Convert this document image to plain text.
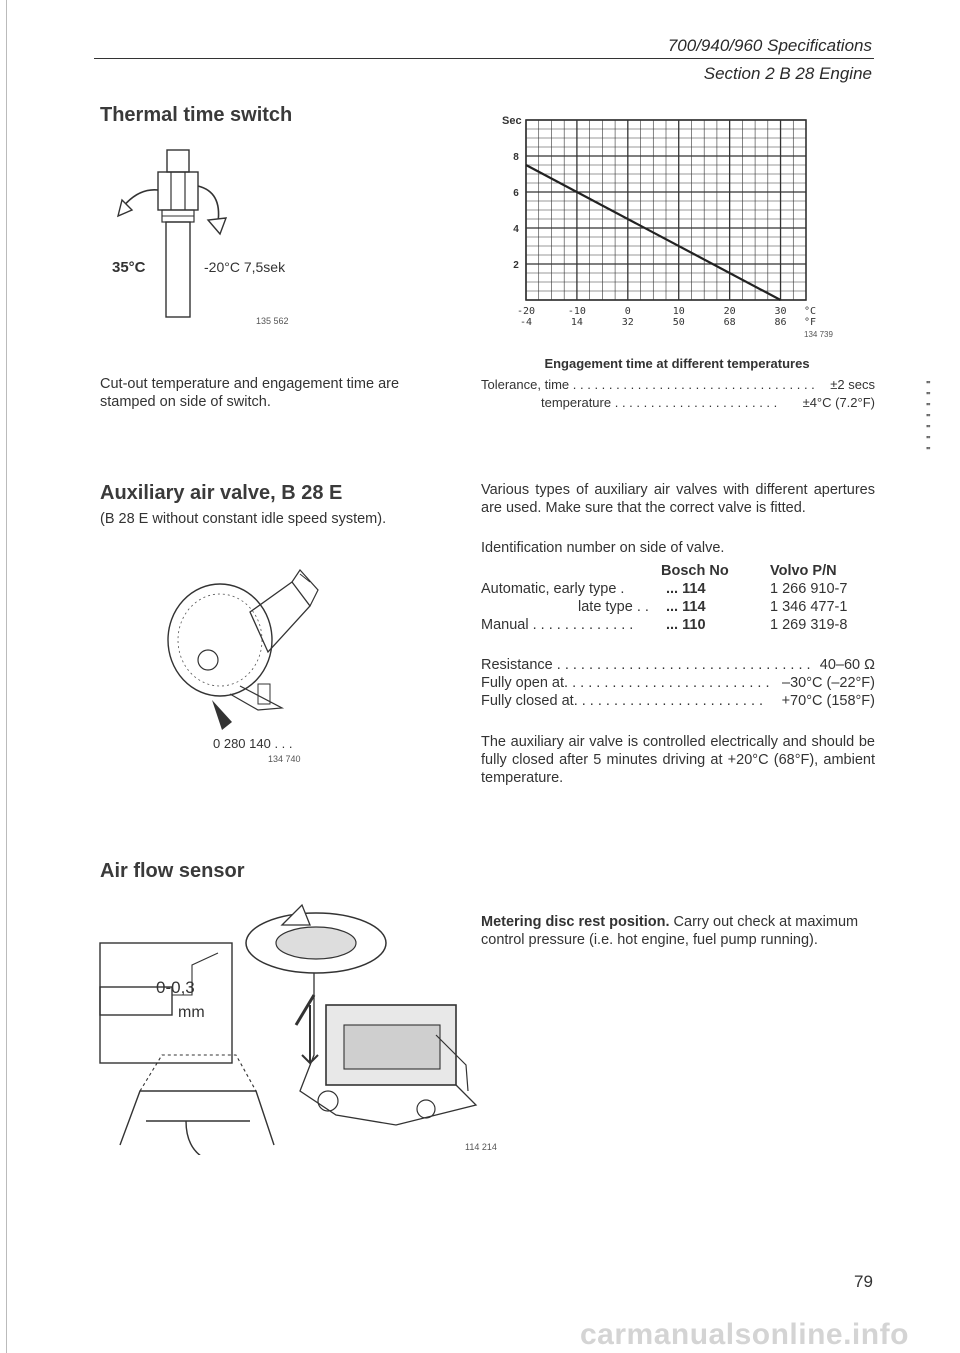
700/940/960 Specifications
Section 2 B 28 Engine
Thermal time switch
35°C	-20°C 7,5sek
135 562
Cut-out temperature and engagement time are stamped on side of switch.
Auxiliary air valve, B 28 E
(B 28 E without constant idle speed system).
0 280 140 . . .
134 740
Air flow sensor
0-0,3
mm
114 214
Sec
2
4
6
8
-20
-4
-10
14
0
32
10
50
20
68
30
86
°C
°F
134 739
Engagement time at different temperatures
Tolerance, time . . . . . . . . . . . . . . . . . . . . . . . . . . . . . . . . . . ±2 secs
temperature . . . . . . . . . . . . . . . . . . . . . . . ±4°C (7.2°F)
Various types of auxiliary air valves with different apertures are used. Make sure that the correct valve is fitted.
Identification number on side of valve.
Bosch No	Volvo P/N
Automatic, early type .	... 114	1 266 910-7
late type . . ... 114	1 346 477-1
Manual . . . . . . . . . . . . . ... 110	1 269 319-8
Resistance . . . . . . . . . . . . . . . . . . . . . . . . . . . . . . . . 40–60 Ω
Fully open at. . . . . . . . . . . . . . . . . . . . . . . . . . –30°C (–22°F)
Fully closed at. . . . . . . . . . . . . . . . . . . . . . . . +70°C (158°F)
The auxiliary air valve is controlled electrically and should be fully closed after 5 minutes driving at +20°C (68°F), ambient temperature.
Metering disc rest position. Carry out check at maximum control pressure (i.e. hot engine, fuel pump running).
''''
''''
''''
''''
''''
''''
''''
79
carmanualsonline.info
